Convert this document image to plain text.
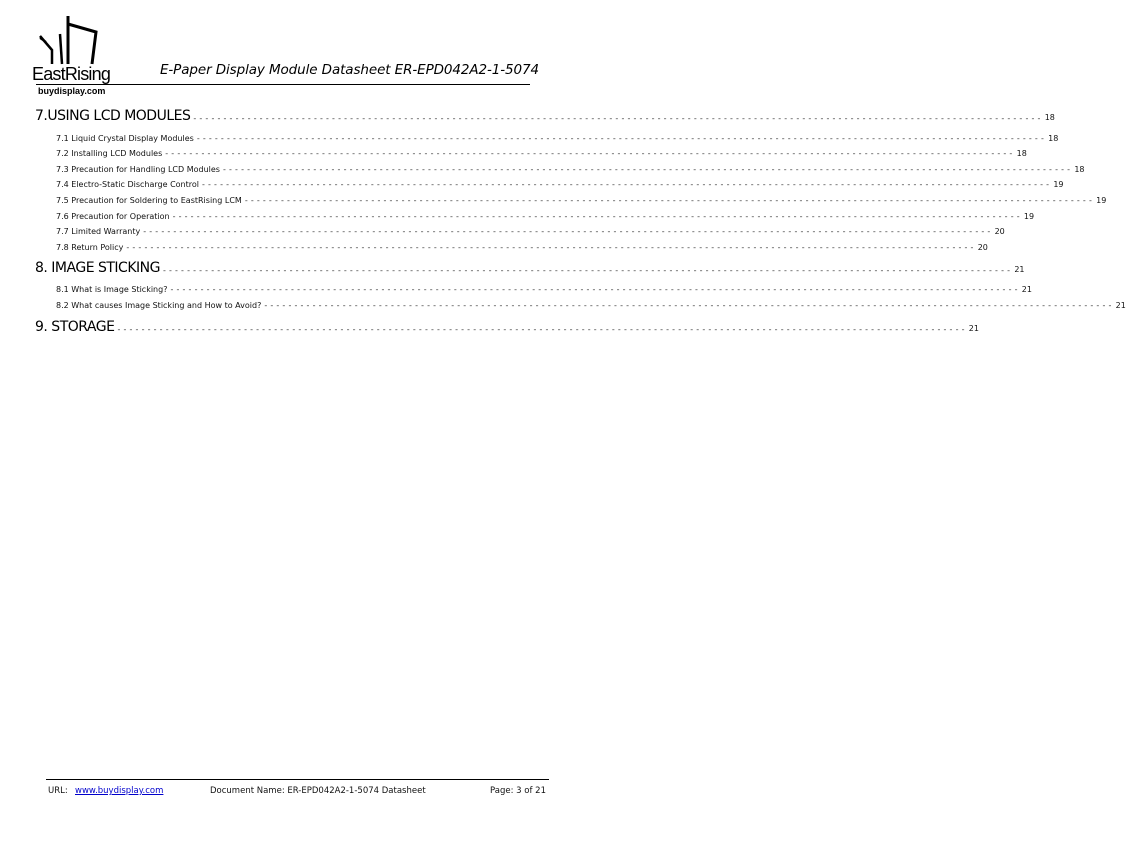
EastRising
buydisplay.com
E-Paper Display Module Datasheet ER-EPD042A2-1-5074
7.USING LCD MODULES - - - - - - - - - - - - - - - - - - - - - - - - - - - - - - - - - - - - - - - - - - - - - - - - - - - - - - - - - - - - - - - - - - - - - - - - - - - - - - - - - - - - - - - - - - - - - - - - - - - - - - - - - - - - - - - - - - - - - - - - - - - - - - - - - - - - - - - - - - - - - 18
7.1 Liquid Crystal Display Modules - - - - - - - - - - - - - - - - - - - - - - - - - - - - - - - - - - - - - - - - - - - - - - - - - - - - - - - - - - - - - - - - - - - - - - - - - - - - - - - - - - - - - - - - - - - - - - - - - - - - - - - - - - - - - - - - - - - - - - - - - - - - - - - - - - - - - - - - - - - - - 18
7.2 Installing LCD Modules - - - - - - - - - - - - - - - - - - - - - - - - - - - - - - - - - - - - - - - - - - - - - - - - - - - - - - - - - - - - - - - - - - - - - - - - - - - - - - - - - - - - - - - - - - - - - - - - - - - - - - - - - - - - - - - - - - - - - - - - - - - - - - - - - - - - - - - - - - - - - 18
7.3 Precaution for Handling LCD Modules - - - - - - - - - - - - - - - - - - - - - - - - - - - - - - - - - - - - - - - - - - - - - - - - - - - - - - - - - - - - - - - - - - - - - - - - - - - - - - - - - - - - - - - - - - - - - - - - - - - - - - - - - - - - - - - - - - - - - - - - - - - - - - - - - - - - - - - - - - - - - 18
7.4 Electro-Static Discharge Control - - - - - - - - - - - - - - - - - - - - - - - - - - - - - - - - - - - - - - - - - - - - - - - - - - - - - - - - - - - - - - - - - - - - - - - - - - - - - - - - - - - - - - - - - - - - - - - - - - - - - - - - - - - - - - - - - - - - - - - - - - - - - - - - - - - - - - - - - - - - - 19
7.5 Precaution for Soldering to EastRising LCM - - - - - - - - - - - - - - - - - - - - - - - - - - - - - - - - - - - - - - - - - - - - - - - - - - - - - - - - - - - - - - - - - - - - - - - - - - - - - - - - - - - - - - - - - - - - - - - - - - - - - - - - - - - - - - - - - - - - - - - - - - - - - - - - - - - - - - - - - - - - - 19
7.6 Precaution for Operation - - - - - - - - - - - - - - - - - - - - - - - - - - - - - - - - - - - - - - - - - - - - - - - - - - - - - - - - - - - - - - - - - - - - - - - - - - - - - - - - - - - - - - - - - - - - - - - - - - - - - - - - - - - - - - - - - - - - - - - - - - - - - - - - - - - - - - - - - - - - - 19
7.7 Limited Warranty - - - - - - - - - - - - - - - - - - - - - - - - - - - - - - - - - - - - - - - - - - - - - - - - - - - - - - - - - - - - - - - - - - - - - - - - - - - - - - - - - - - - - - - - - - - - - - - - - - - - - - - - - - - - - - - - - - - - - - - - - - - - - - - - - - - - - - - - - - - - - 20
7.8 Return Policy - - - - - - - - - - - - - - - - - - - - - - - - - - - - - - - - - - - - - - - - - - - - - - - - - - - - - - - - - - - - - - - - - - - - - - - - - - - - - - - - - - - - - - - - - - - - - - - - - - - - - - - - - - - - - - - - - - - - - - - - - - - - - - - - - - - - - - - - - - - - - 20
8. IMAGE STICKING - - - - - - - - - - - - - - - - - - - - - - - - - - - - - - - - - - - - - - - - - - - - - - - - - - - - - - - - - - - - - - - - - - - - - - - - - - - - - - - - - - - - - - - - - - - - - - - - - - - - - - - - - - - - - - - - - - - - - - - - - - - - - - - - - - - - - - - - - - - - - 21
8.1 What is Image Sticking? - - - - - - - - - - - - - - - - - - - - - - - - - - - - - - - - - - - - - - - - - - - - - - - - - - - - - - - - - - - - - - - - - - - - - - - - - - - - - - - - - - - - - - - - - - - - - - - - - - - - - - - - - - - - - - - - - - - - - - - - - - - - - - - - - - - - - - - - - - - - - 21
8.2 What causes Image Sticking and How to Avoid? - - - - - - - - - - - - - - - - - - - - - - - - - - - - - - - - - - - - - - - - - - - - - - - - - - - - - - - - - - - - - - - - - - - - - - - - - - - - - - - - - - - - - - - - - - - - - - - - - - - - - - - - - - - - - - - - - - - - - - - - - - - - - - - - - - - - - - - - - - - - - 21
9. STORAGE - - - - - - - - - - - - - - - - - - - - - - - - - - - - - - - - - - - - - - - - - - - - - - - - - - - - - - - - - - - - - - - - - - - - - - - - - - - - - - - - - - - - - - - - - - - - - - - - - - - - - - - - - - - - - - - - - - - - - - - - - - - - - - - - - - - - - - - - - - - - - 21
URL: www.buydisplay.com	Document Name: ER-EPD042A2-1-5074 Datasheet	Page: 3 of 21
